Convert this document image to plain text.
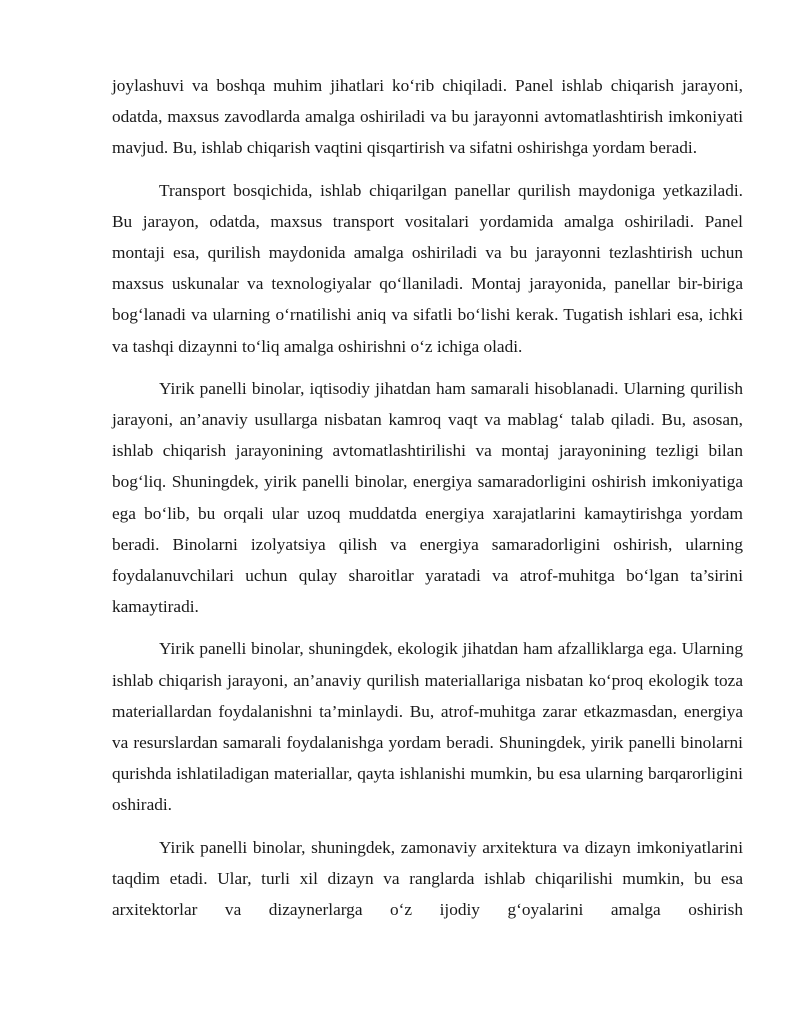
joylashuvi va boshqa muhim jihatlari koʻrib chiqiladi. Panel ishlab chiqarish jarayoni, odatda, maxsus zavodlarda amalga oshiriladi va bu jarayonni avtomatlashtirish imkoniyati mavjud. Bu, ishlab chiqarish vaqtini qisqartirish va sifatni oshirishga yordam beradi.

Transport bosqichida, ishlab chiqarilgan panellar qurilish maydoniga yetkaziladi. Bu jarayon, odatda, maxsus transport vositalari yordamida amalga oshiriladi. Panel montaji esa, qurilish maydonida amalga oshiriladi va bu jarayonni tezlashtirish uchun maxsus uskunalar va texnologiyalar qoʻllaniladi. Montaj jarayonida, panellar bir-biriga bogʻlanadi va ularning oʻrnatilishi aniq va sifatli boʻlishi kerak. Tugatish ishlari esa, ichki va tashqi dizaynni toʻliq amalga oshirishni oʻz ichiga oladi.

Yirik panelli binolar, iqtisodiy jihatdan ham samarali hisoblanadi. Ularning qurilish jarayoni, an’anaviy usullarga nisbatan kamroq vaqt va mablagʻ talab qiladi. Bu, asosan, ishlab chiqarish jarayonining avtomatlashtirilishi va montaj jarayonining tezligi bilan bogʻliq. Shuningdek, yirik panelli binolar, energiya samaradorligini oshirish imkoniyatiga ega boʻlib, bu orqali ular uzoq muddatda energiya xarajatlarini kamaytirishga yordam beradi. Binolarni izolyatsiya qilish va energiya samaradorligini oshirish, ularning foydalanuvchilari uchun qulay sharoitlar yaratadi va atrof-muhitga boʻlgan ta’sirini kamaytiradi.

Yirik panelli binolar, shuningdek, ekologik jihatdan ham afzalliklarga ega. Ularning ishlab chiqarish jarayoni, an’anaviy qurilish materiallariga nisbatan koʻproq ekologik toza materiallardan foydalanishni ta’minlaydi. Bu, atrof-muhitga zarar etkazmasdan, energiya va resurslardan samarali foydalanishga yordam beradi. Shuningdek, yirik panelli binolarni qurishda ishlatiladigan materiallar, qayta ishlanishi mumkin, bu esa ularning barqarorligini oshiradi.

Yirik panelli binolar, shuningdek, zamonaviy arxitektura va dizayn imkoniyatlarini taqdim etadi. Ular, turli xil dizayn va ranglarda ishlab chiqarilishi mumkin, bu esa arxitektorlar va dizaynerlarga oʻz ijodiy gʻoyalarini amalga oshirish
